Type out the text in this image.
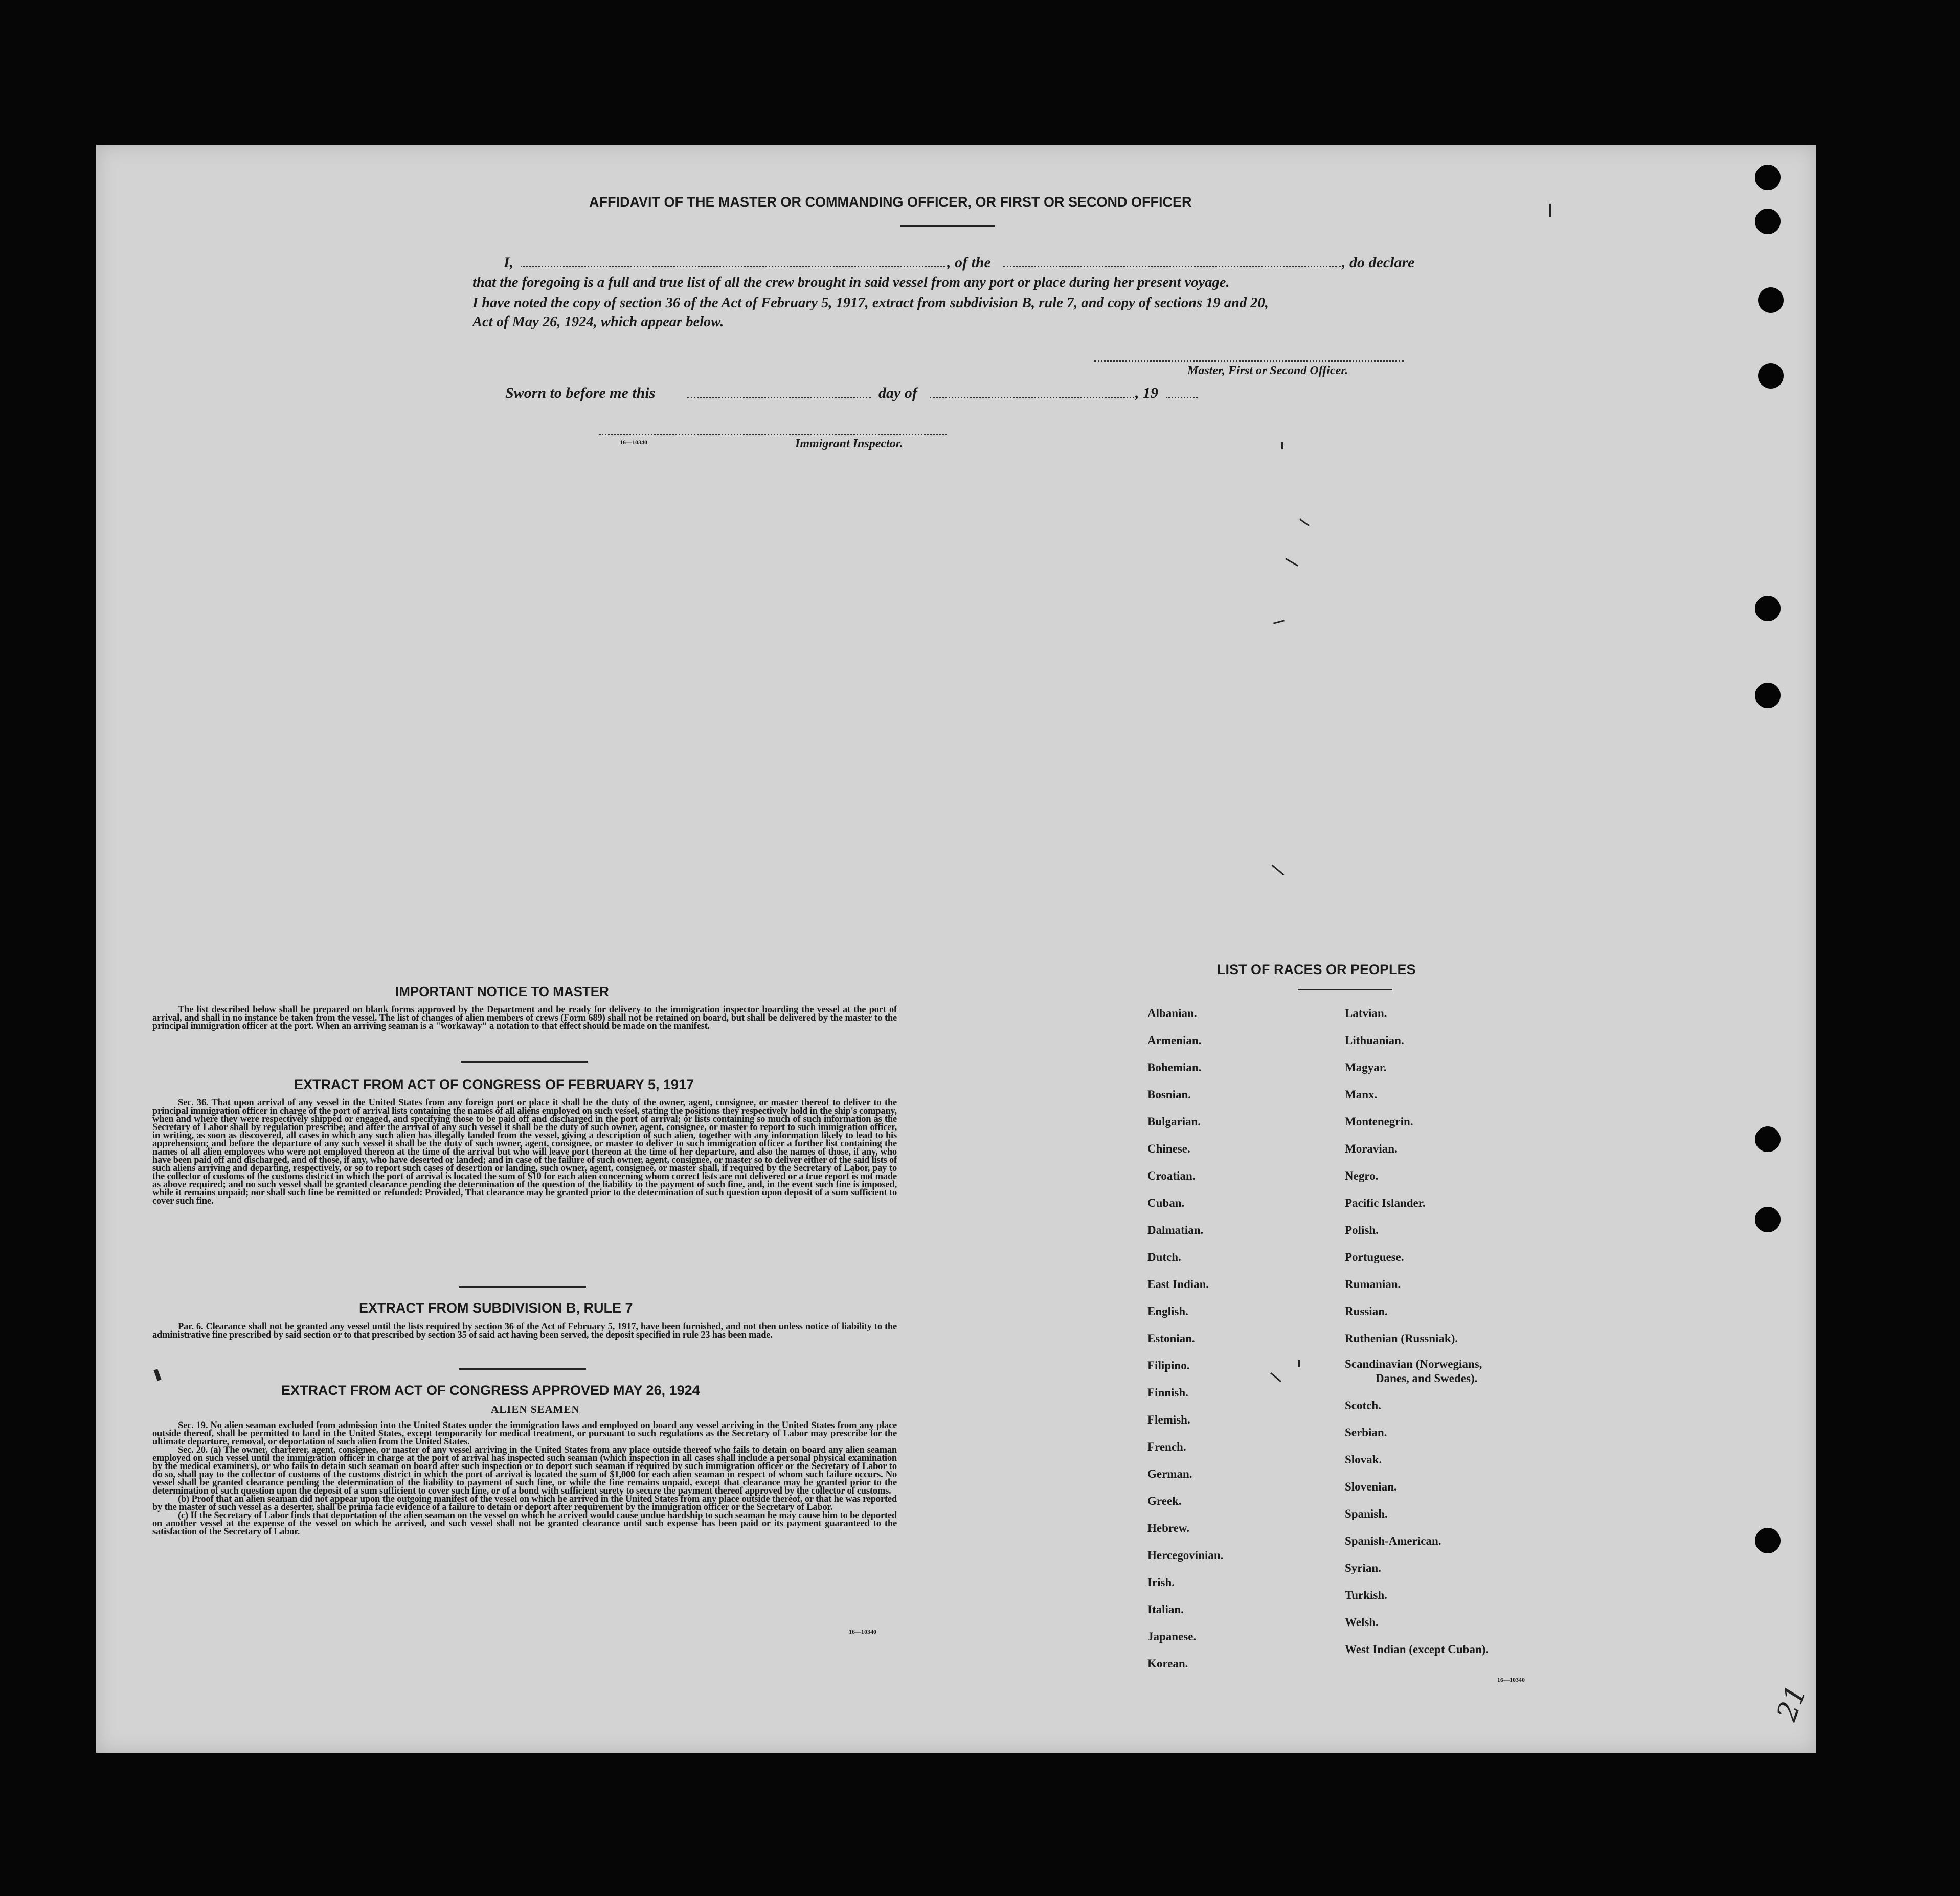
AFFIDAVIT OF THE MASTER OR COMMANDING OFFICER, OR FIRST OR SECOND OFFICER
I,	, of the	, do declare
that the foregoing is a full and true list of all the crew brought in said vessel from any port or place during her present voyage.
I have noted the copy of section 36 of the Act of February 5, 1917, extract from subdivision B, rule 7, and copy of sections 19 and 20,
Act of May 26, 1924, which appear below.
Master, First or Second Officer.
Sworn to before me this	day of	, 19
16—10340	Immigrant Inspector.
IMPORTANT NOTICE TO MASTER

The list described below shall be prepared on blank forms approved by the Department and be ready for delivery to the immigration inspector boarding the vessel at the port of arrival, and shall in no instance be taken from the vessel. The list of changes of alien members of crews (Form 689) shall not be retained on board, but shall be delivered by the master to the principal immigration officer at the port. When an arriving seaman is a "workaway" a notation to that effect should be made on the manifest.

EXTRACT FROM ACT OF CONGRESS OF FEBRUARY 5, 1917

Sec. 36. That upon arrival of any vessel in the United States from any foreign port or place it shall be the duty of the owner, agent, consignee, or master thereof to deliver to the principal immigration officer in charge of the port of arrival lists containing the names of all aliens employed on such vessel, stating the positions they respectively hold in the ship's company, when and where they were respectively shipped or engaged, and specifying those to be paid off and discharged in the port of arrival; or lists containing so much of such information as the Secretary of Labor shall by regulation prescribe; and after the arrival of any such vessel it shall be the duty of such owner, agent, consignee, or master to report to such immigration officer, in writing, as soon as discovered, all cases in which any such alien has illegally landed from the vessel, giving a description of such alien, together with any information likely to lead to his apprehension; and before the departure of any such vessel it shall be the duty of such owner, agent, consignee, or master to deliver to such immigration officer a further list containing the names of all alien employees who were not employed thereon at the time of the arrival but who will leave port thereon at the time of her departure, and also the names of those, if any, who have been paid off and discharged, and of those, if any, who have deserted or landed; and in case of the failure of such owner, agent, consignee, or master so to deliver either of the said lists of such aliens arriving and departing, respectively, or so to report such cases of desertion or landing, such owner, agent, consignee, or master shall, if required by the Secretary of Labor, pay to the collector of customs of the customs district in which the port of arrival is located the sum of $10 for each alien concerning whom correct lists are not delivered or a true report is not made as above required; and no such vessel shall be granted clearance pending the determination of the question of the liability to the payment of such fine, and, in the event such fine is imposed, while it remains unpaid; nor shall such fine be remitted or refunded: Provided, That clearance may be granted prior to the determination of such question upon deposit of a sum sufficient to cover such fine.

EXTRACT FROM SUBDIVISION B, RULE 7

Par. 6. Clearance shall not be granted any vessel until the lists required by section 36 of the Act of February 5, 1917, have been furnished, and not then unless notice of liability to the administrative fine prescribed by said section or to that prescribed by section 35 of said act having been served, the deposit specified in rule 23 has been made.

EXTRACT FROM ACT OF CONGRESS APPROVED MAY 26, 1924
ALIEN SEAMEN

Sec. 19. No alien seaman excluded from admission into the United States under the immigration laws and employed on board any vessel arriving in the United States from any place outside thereof, shall be permitted to land in the United States, except temporarily for medical treatment, or pursuant to such regulations as the Secretary of Labor may prescribe for the ultimate departure, removal, or deportation of such alien from the United States.

Sec. 20. (a) The owner, charterer, agent, consignee, or master of any vessel arriving in the United States from any place outside thereof who fails to detain on board any alien seaman employed on such vessel until the immigration officer in charge at the port of arrival has inspected such seaman (which inspection in all cases shall include a personal physical examination by the medical examiners), or who fails to detain such seaman on board after such inspection or to deport such seaman if required by such immigration officer or the Secretary of Labor to do so, shall pay to the collector of customs of the customs district in which the port of arrival is located the sum of $1,000 for each alien seaman in respect of whom such failure occurs. No vessel shall be granted clearance pending the determination of the liability to payment of such fine, or while the fine remains unpaid, except that clearance may be granted prior to the determination of such question upon the deposit of a sum sufficient to cover such fine, or of a bond with sufficient surety to secure the payment thereof approved by the collector of customs.

(b) Proof that an alien seaman did not appear upon the outgoing manifest of the vessel on which he arrived in the United States from any place outside thereof, or that he was reported by the master of such vessel as a deserter, shall be prima facie evidence of a failure to detain or deport after requirement by the immigration officer or the Secretary of Labor.

(c) If the Secretary of Labor finds that deportation of the alien seaman on the vessel on which he arrived would cause undue hardship to such seaman he may cause him to be deported on another vessel at the expense of the vessel on which he arrived, and such vessel shall not be granted clearance until such expense has been paid or its payment guaranteed to the satisfaction of the Secretary of Labor.

16—10340
LIST OF RACES OR PEOPLES
Albanian.
Armenian.
Bohemian.
Bosnian.
Bulgarian.
Chinese.
Croatian.
Cuban.
Dalmatian.
Dutch.
East Indian.
English.
Estonian.
Filipino.
Finnish.
Flemish.
French.
German.
Greek.
Hebrew.
Hercegovinian.
Irish.
Italian.
Japanese.
Korean.
Latvian.
Lithuanian.
Magyar.
Manx.
Montenegrin.
Moravian.
Negro.
Pacific Islander.
Polish.
Portuguese.
Rumanian.
Russian.
Ruthenian (Russniak).
Scandinavian (Norwegians,
Danes, and Swedes).
Scotch.
Serbian.
Slovak.
Slovenian.
Spanish.
Spanish-American.
Syrian.
Turkish.
Welsh.
West Indian (except Cuban).
16—10340
21
